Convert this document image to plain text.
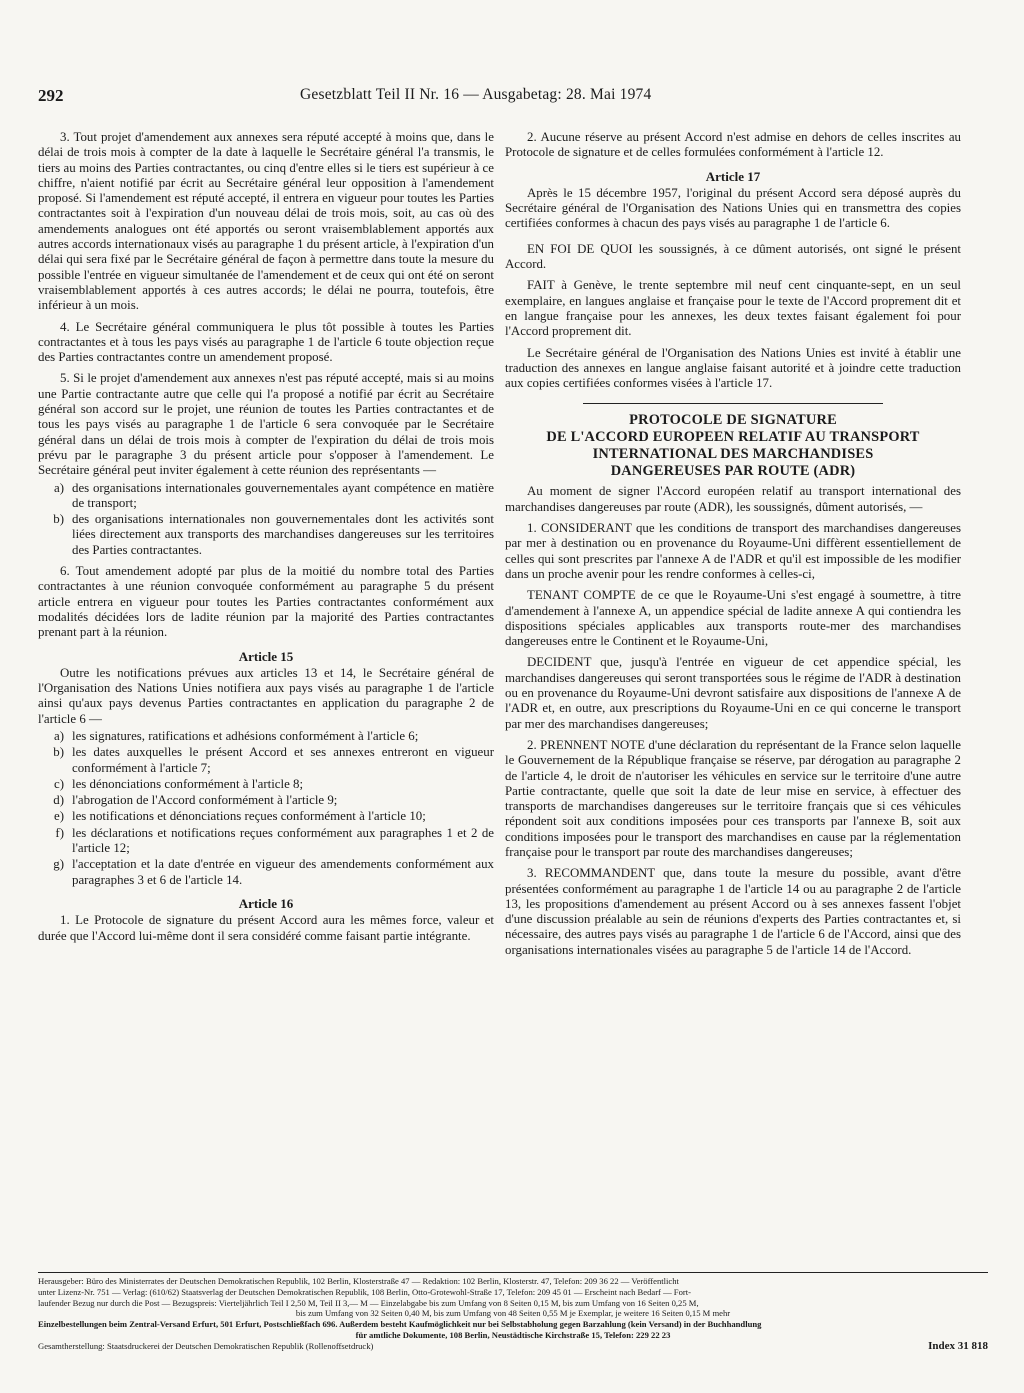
292	Gesetzblatt Teil II Nr. 16 — Ausgabetag: 28. Mai 1974

3. Tout projet d'amendement aux annexes sera réputé accepté à moins que, dans le délai de trois mois à compter de la date à laquelle le Secrétaire général l'a transmis, le tiers au moins des Parties contractantes, ou cinq d'entre elles si le tiers est supérieur à ce chiffre, n'aient notifié par écrit au Secrétaire général leur opposition à l'amendement proposé. Si l'amendement est réputé accepté, il entrera en vigueur pour toutes les Parties contractantes soit à l'expiration d'un nouveau délai de trois mois, soit, au cas où des amendements analogues ont été apportés ou seront vraisemblablement apportés aux autres accords internationaux visés au paragraphe 1 du présent article, à l'expiration d'un délai qui sera fixé par le Secrétaire général de façon à permettre dans toute la mesure du possible l'entrée en vigueur simultanée de l'amendement et de ceux qui ont été on seront vraisemblablement apportés à ces autres accords; le délai ne pourra, toutefois, être inférieur à un mois.

4. Le Secrétaire général communiquera le plus tôt possible à toutes les Parties contractantes et à tous les pays visés au paragraphe 1 de l'article 6 toute objection reçue des Parties contractantes contre un amendement proposé.

5. Si le projet d'amendement aux annexes n'est pas réputé accepté, mais si au moins une Partie contractante autre que celle qui l'a proposé a notifié par écrit au Secrétaire général son accord sur le projet, une réunion de toutes les Parties contractantes et de tous les pays visés au paragraphe 1 de l'article 6 sera convoquée par le Secrétaire général dans un délai de trois mois à compter de l'expiration du délai de trois mois prévu par le paragraphe 3 du présent article pour s'opposer à l'amendement. Le Secrétaire général peut inviter également à cette réunion des représentants —

a) des organisations internationales gouvernementales ayant compétence en matière de transport;
b) des organisations internationales non gouvernementales dont les activités sont liées directement aux transports des marchandises dangereuses sur les territoires des Parties contractantes.

6. Tout amendement adopté par plus de la moitié du nombre total des Parties contractantes à une réunion convoquée conformément au paragraphe 5 du présent article entrera en vigueur pour toutes les Parties contractantes conformément aux modalités décidées lors de ladite réunion par la majorité des Parties contractantes prenant part à la réunion.

Article 15

Outre les notifications prévues aux articles 13 et 14, le Secrétaire général de l'Organisation des Nations Unies notifiera aux pays visés au paragraphe 1 de l'article ainsi qu'aux pays devenus Parties contractantes en application du paragraphe 2 de l'article 6 —

a) les signatures, ratifications et adhésions conformément à l'article 6;
b) les dates auxquelles le présent Accord et ses annexes entreront en vigueur conformément à l'article 7;
c) les dénonciations conformément à l'article 8;
d) l'abrogation de l'Accord conformément à l'article 9;
e) les notifications et dénonciations reçues conformément à l'article 10;
f) les déclarations et notifications reçues conformément aux paragraphes 1 et 2 de l'article 12;
g) l'acceptation et la date d'entrée en vigueur des amendements conformément aux paragraphes 3 et 6 de l'article 14.
Article 16

1. Le Protocole de signature du présent Accord aura les mêmes force, valeur et durée que l'Accord lui-même dont il sera considéré comme faisant partie intégrante.

2. Aucune réserve au présent Accord n'est admise en dehors de celles inscrites au Protocole de signature et de celles formulées conformément à l'article 12.

Article 17

Après le 15 décembre 1957, l'original du présent Accord sera déposé auprès du Secrétaire général de l'Organisation des Nations Unies qui en transmettra des copies certifiées conformes à chacun des pays visés au paragraphe 1 de l'article 6.

EN FOI DE QUOI les soussignés, à ce dûment autorisés, ont signé le présent Accord.

FAIT à Genève, le trente septembre mil neuf cent cinquante-sept, en un seul exemplaire, en langues anglaise et française pour le texte de l'Accord proprement dit et en langue française pour les annexes, les deux textes faisant également foi pour l'Accord proprement dit.

Le Secrétaire général de l'Organisation des Nations Unies est invité à établir une traduction des annexes en langue anglaise faisant autorité et à joindre cette traduction aux copies certifiées conformes visées à l'article 17.

PROTOCOLE DE SIGNATURE
DE L'ACCORD EUROPEEN RELATIF AU TRANSPORT
INTERNATIONAL DES MARCHANDISES
DANGEREUSES PAR ROUTE (ADR)

Au moment de signer l'Accord européen relatif au transport international des marchandises dangereuses par route (ADR), les soussignés, dûment autorisés, —

1. CONSIDERANT que les conditions de transport des marchandises dangereuses par mer à destination ou en provenance du Royaume-Uni diffèrent essentiellement de celles qui sont prescrites par l'annexe A de l'ADR et qu'il est impossible de les modifier dans un proche avenir pour les rendre conformes à celles-ci,

TENANT COMPTE de ce que le Royaume-Uni s'est engagé à soumettre, à titre d'amendement à l'annexe A, un appendice spécial de ladite annexe A qui contiendra les dispositions spéciales applicables aux transports route-mer des marchandises dangereuses entre le Continent et le Royaume-Uni,

DECIDENT que, jusqu'à l'entrée en vigueur de cet appendice spécial, les marchandises dangereuses qui seront transportées sous le régime de l'ADR à destination ou en provenance du Royaume-Uni devront satisfaire aux dispositions de l'annexe A de l'ADR et, en outre, aux prescriptions du Royaume-Uni en ce qui concerne le transport par mer des marchandises dangereuses;

2. PRENNENT NOTE d'une déclaration du représentant de la France selon laquelle le Gouvernement de la République française se réserve, par dérogation au paragraphe 2 de l'article 4, le droit de n'autoriser les véhicules en service sur le territoire d'une autre Partie contractante, quelle que soit la date de leur mise en service, à effectuer des transports de marchandises dangereuses sur le territoire français que si ces véhicules répondent soit aux conditions imposées pour ces transports par l'annexe B, soit aux conditions imposées pour le transport des marchandises en cause par la réglementation française pour le transport par route des marchandises dangereuses;

3. RECOMMANDENT que, dans toute la mesure du possible, avant d'être présentées conformément au paragraphe 1 de l'article 14 ou au paragraphe 2 de l'article 13, les propositions d'amendement au présent Accord ou à ses annexes fassent l'objet d'une discussion préalable au sein de réunions d'experts des Parties contractantes et, si nécessaire, des autres pays visés au paragraphe 1 de l'article 6 de l'Accord, ainsi que des organisations internationales visées au paragraphe 5 de l'article 14 de l'Accord.

Herausgeber: Büro des Ministerrates der Deutschen Demokratischen Republik, 102 Berlin, Klosterstraße 47 — Redaktion: 102 Berlin, Klosterstr. 47, Telefon: 209 36 22 — Veröffentlicht
unter Lizenz-Nr. 751 — Verlag: (610/62) Staatsverlag der Deutschen Demokratischen Republik, 108 Berlin, Otto-Grotewohl-Straße 17, Telefon: 209 45 01 — Erscheint nach Bedarf — Fort-
laufender Bezug nur durch die Post — Bezugspreis: Vierteljährlich Teil I 2,50 M, Teil II 3,— M — Einzelabgabe bis zum Umfang von 8 Seiten 0,15 M, bis zum Umfang von 16 Seiten 0,25 M,
bis zum Umfang von 32 Seiten 0,40 M, bis zum Umfang von 48 Seiten 0,55 M je Exemplar, je weitere 16 Seiten 0,15 M mehr
Einzelbestellungen beim Zentral-Versand Erfurt, 501 Erfurt, Postschließfach 696. Außerdem besteht Kaufmöglichkeit nur bei Selbstabholung gegen Barzahlung (kein Versand) in der Buchhandlung
für amtliche Dokumente, 108 Berlin, Neustädtische Kirchstraße 15, Telefon: 229 22 23
Gesamtherstellung: Staatsdruckerei der Deutschen Demokratischen Republik (Rollenoffsetdruck)	Index 31 818
